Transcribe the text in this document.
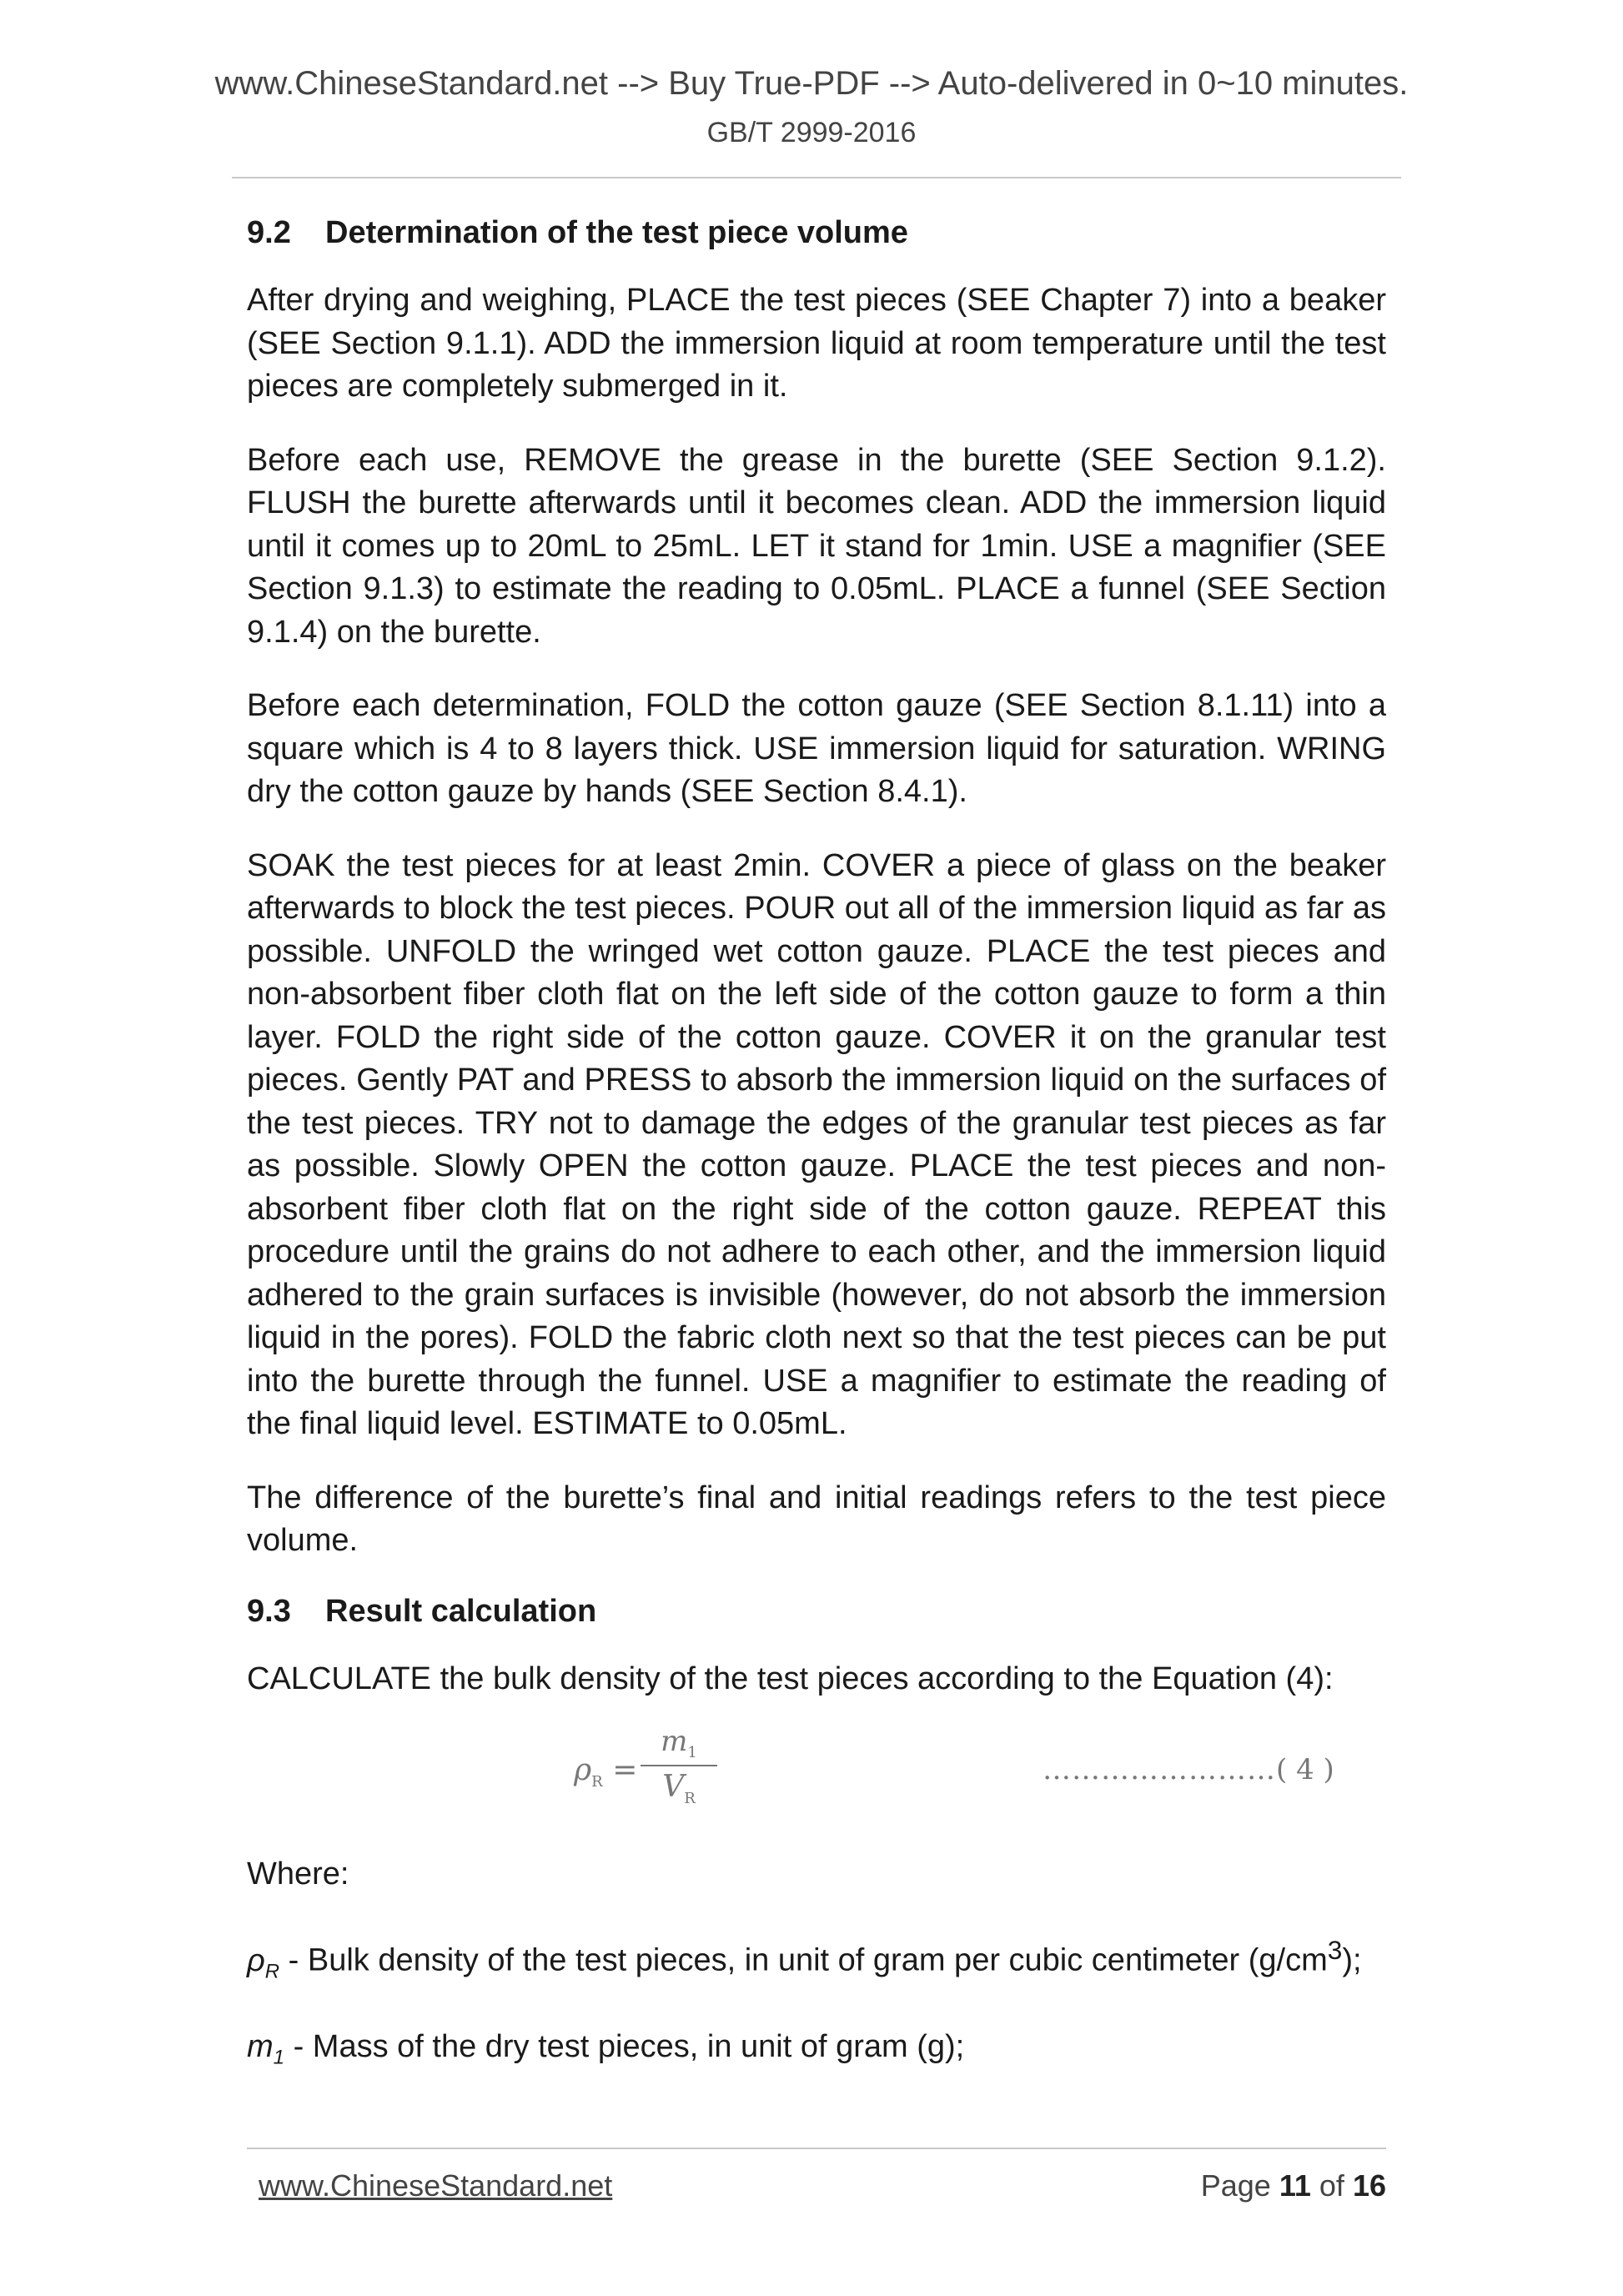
www.ChineseStandard.net --> Buy True-PDF --> Auto-delivered in 0~10 minutes.
GB/T 2999-2016
9.2	Determination of the test piece volume

After drying and weighing, PLACE the test pieces (SEE Chapter 7) into a beaker (SEE Section 9.1.1). ADD the immersion liquid at room temperature until the test pieces are completely submerged in it.

Before each use, REMOVE the grease in the burette (SEE Section 9.1.2). FLUSH the burette afterwards until it becomes clean. ADD the immersion liquid until it comes up to 20mL to 25mL. LET it stand for 1min. USE a magnifier (SEE Section 9.1.3) to estimate the reading to 0.05mL. PLACE a funnel (SEE Section 9.1.4) on the burette.

Before each determination, FOLD the cotton gauze (SEE Section 8.1.11) into a square which is 4 to 8 layers thick. USE immersion liquid for saturation. WRING dry the cotton gauze by hands (SEE Section 8.4.1).

SOAK the test pieces for at least 2min. COVER a piece of glass on the beaker afterwards to block the test pieces. POUR out all of the immersion liquid as far as possible. UNFOLD the wringed wet cotton gauze. PLACE the test pieces and non-absorbent fiber cloth flat on the left side of the cotton gauze to form a thin layer. FOLD the right side of the cotton gauze. COVER it on the granular test pieces. Gently PAT and PRESS to absorb the immersion liquid on the surfaces of the test pieces. TRY not to damage the edges of the granular test pieces as far as possible. Slowly OPEN the cotton gauze. PLACE the test pieces and non-absorbent fiber cloth flat on the right side of the cotton gauze. REPEAT this procedure until the grains do not adhere to each other, and the immersion liquid adhered to the grain surfaces is invisible (however, do not absorb the immersion liquid in the pores). FOLD the fabric cloth next so that the test pieces can be put into the burette through the funnel. USE a magnifier to estimate the reading of the final liquid level. ESTIMATE to 0.05mL.

The difference of the burette’s final and initial readings refers to the test piece volume.

9.3	Result calculation

CALCULATE the bulk density of the test pieces according to the Equation (4):

$\rho_R$ =
$m_1$
$V_R$
……………………( 4 )
Where:
$\rho_R$ - Bulk density of the test pieces, in unit of gram per cubic centimeter $(g/cm^3)$;
$m_1$ - Mass of the dry test pieces, in unit of gram (g);
www.ChineseStandard.net	Page 11 of 16
